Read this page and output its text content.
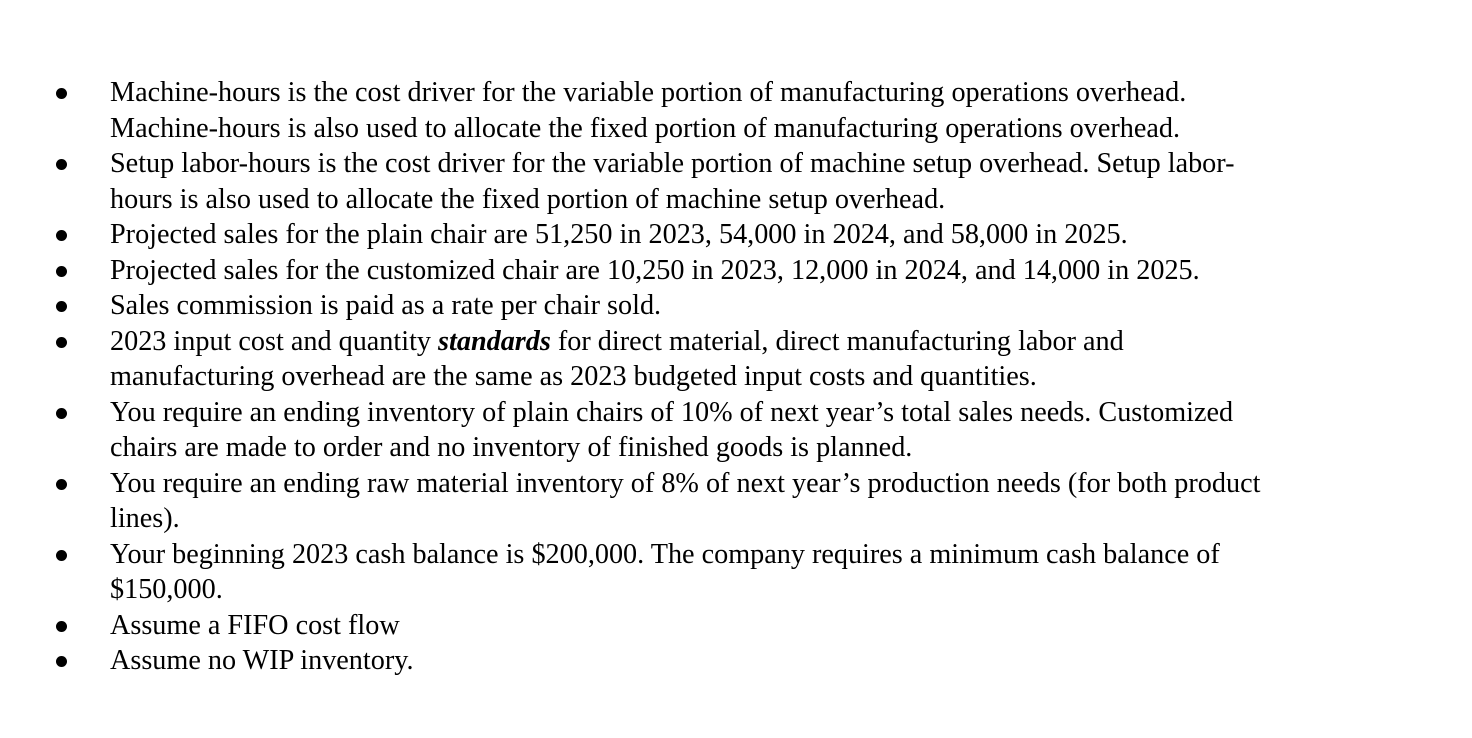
Machine-hours is the cost driver for the variable portion of manufacturing operations overhead.
Machine-hours is also used to allocate the fixed portion of manufacturing operations overhead.
Setup labor-hours is the cost driver for the variable portion of machine setup overhead. Setup labor-
hours is also used to allocate the fixed portion of machine setup overhead.
Projected sales for the plain chair are 51,250 in 2023, 54,000 in 2024, and 58,000 in 2025.
Projected sales for the customized chair are 10,250 in 2023, 12,000 in 2024, and 14,000 in 2025.
Sales commission is paid as a rate per chair sold.
2023 input cost and quantity standards for direct material, direct manufacturing labor and
manufacturing overhead are the same as 2023 budgeted input costs and quantities.
You require an ending inventory of plain chairs of 10% of next year’s total sales needs. Customized
chairs are made to order and no inventory of finished goods is planned.
You require an ending raw material inventory of 8% of next year’s production needs (for both product
lines).
Your beginning 2023 cash balance is $200,000. The company requires a minimum cash balance of
$150,000.
Assume a FIFO cost flow
Assume no WIP inventory.
